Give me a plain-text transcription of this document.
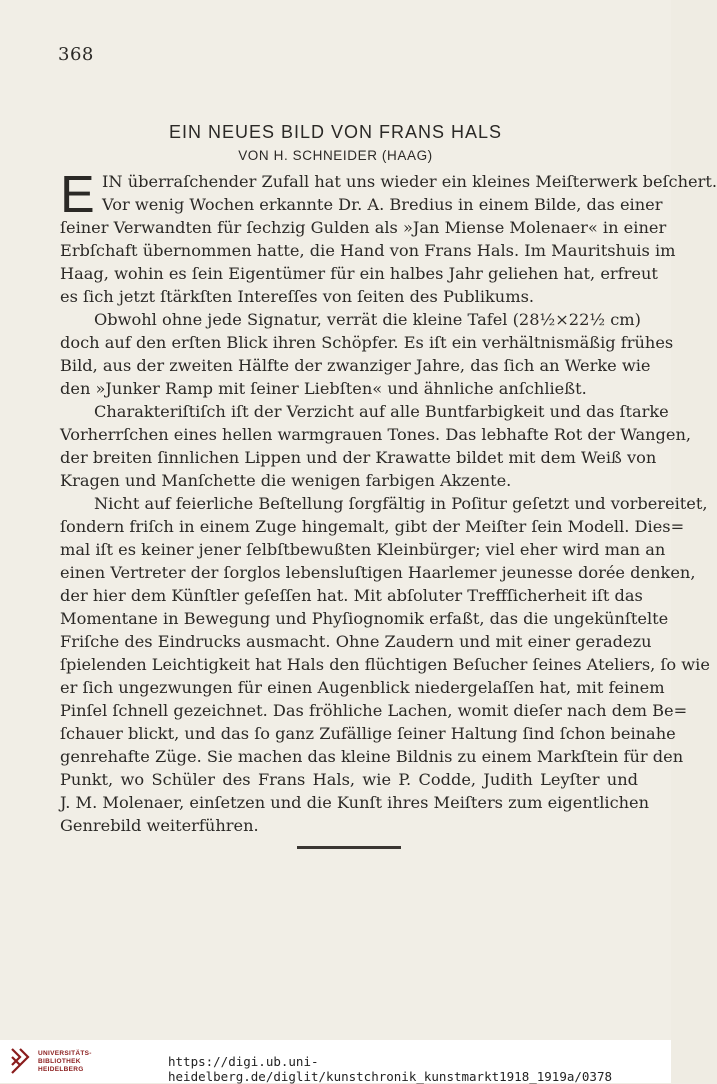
368
EIN NEUES BILD VON FRANS HALS
VON H. SCHNEIDER (HAAG)
E IN überraſchender Zufall hat uns wieder ein kleines Meiſterwerk beſchert.
Vor wenig Wochen erkannte Dr. A. Bredius in einem Bilde, das einer
ſeiner Verwandten für ſechzig Gulden als »Jan Miense Molenaer« in einer
Erbſchaft übernommen hatte, die Hand von Frans Hals. Im Mauritshuis im
Haag, wohin es ſein Eigentümer für ein halbes Jahr geliehen hat, erfreut
es ſich jetzt ſtärkſten Intereſſes von ſeiten des Publikums.
Obwohl ohne jede Signatur, verrät die kleine Tafel (28½×22½ cm)
doch auf den erſten Blick ihren Schöpfer. Es iſt ein verhältnismäßig frühes
Bild, aus der zweiten Hälfte der zwanziger Jahre, das ſich an Werke wie
den »Junker Ramp mit ſeiner Liebſten« und ähnliche anſchließt.
Charakteriſtiſch iſt der Verzicht auf alle Buntfarbigkeit und das ſtarke
Vorherrſchen eines hellen warmgrauen Tones. Das lebhafte Rot der Wangen,
der breiten ſinnlichen Lippen und der Krawatte bildet mit dem Weiß von
Kragen und Manſchette die wenigen farbigen Akzente.
Nicht auf feierliche Beſtellung ſorgfältig in Poſitur geſetzt und vorbereitet,
ſondern friſch in einem Zuge hingemalt, gibt der Meiſter ſein Modell. Dies=
mal iſt es keiner jener ſelbſtbewußten Kleinbürger; viel eher wird man an
einen Vertreter der ſorglos lebensluſtigen Haarlemer jeunesse dorée denken,
der hier dem Künſtler geſeſſen hat. Mit abſoluter Treffſicherheit iſt das
Momentane in Bewegung und Phyſiognomik erfaßt, das die ungekünſtelte
Friſche des Eindrucks ausmacht. Ohne Zaudern und mit einer geradezu
ſpielenden Leichtigkeit hat Hals den flüchtigen Beſucher ſeines Ateliers, ſo wie
er ſich ungezwungen für einen Augenblick niedergelaſſen hat, mit feinem
Pinſel ſchnell gezeichnet. Das fröhliche Lachen, womit dieſer nach dem Be=
ſchauer blickt, und das ſo ganz Zufällige ſeiner Haltung ſind ſchon beinahe
genrehafte Züge. Sie machen das kleine Bildnis zu einem Markſtein für den
Punkt, wo Schüler des Frans Hals, wie P. Codde, Judith Leyſter und
J. M. Molenaer, einſetzen und die Kunſt ihres Meiſters zum eigentlichen
Genrebild weiterführen.
UNIVERSITÄTS-
BIBLIOTHEK
HEIDELBERG
https://digi.ub.uni-heidelberg.de/diglit/kunstchronik_kunstmarkt1918_1919a/0378
